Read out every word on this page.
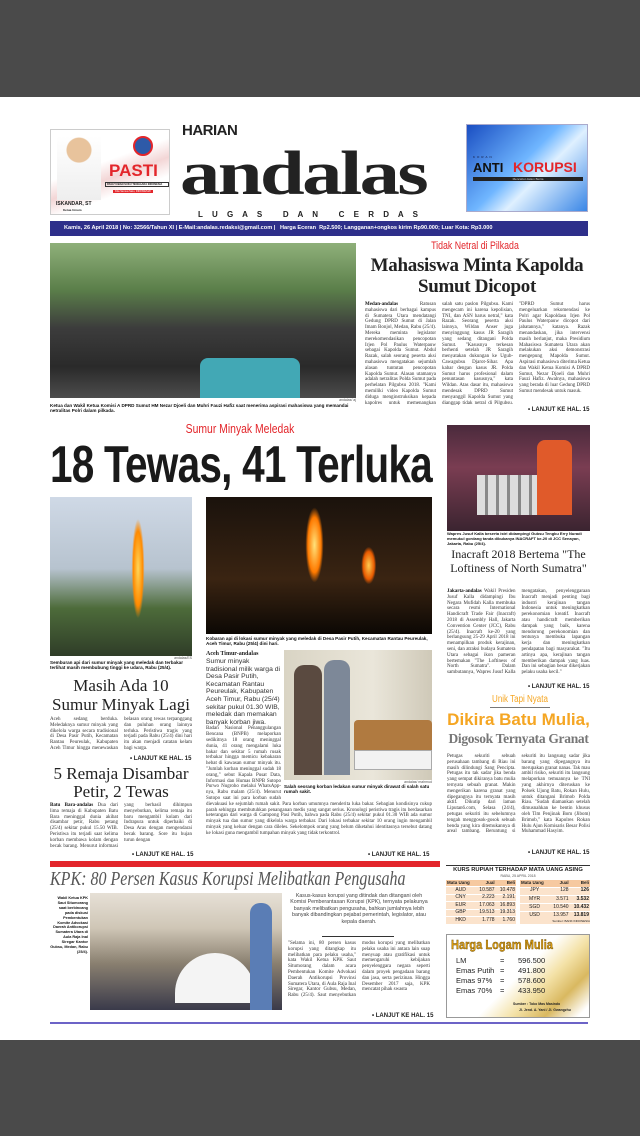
PASTI
PAGUYUBAN SUKU TENGGARA INDONESIA
Kita Semua Satu, INDONESIA!
ISKANDAR, ST
Ketua Umum
HARIAN
andalas
L U G A S   D A N   C E R D A S
KORAN
ANTI KORUPSI
Mencabut dalam Berita
Kamis, 26 April 2018 | No: 32566/Tahun XI | E-Mail:andalas.redaksi@gmail.com |   Harga Eceran  Rp2.500; Langganan+ongkos kirim Rp90.000; Luar Kota: Rp3.000
andalas/ aj
Ketua dan Wakil Ketua Komisi A DPRD Sumut HM Nezar Djoeli dan Muhri Fauzi Hafiz saat menerima aspirasi mahasiswa yang memandai netralitas Polri dalam pilkada.
Tidak Netral di Pilkada
Mahasiswa Minta Kapolda Sumut Dicopot
Medan-andalas	Ratusan mahasiswa dari berbagai kampus di Sumatera Utara mendatangi Gedung DPRD Sumut di Jalan Imam Bonjol, Medan, Rabu (25/4). Mereka meminta legislator merekomendasikan pencopotan Irjen Pol Paulus Waterpauw sebagai Kapolda Sumut. Abdul Razak, salah seorang peserta aksi mahasiswa mengatakan sejumlah alasan tuntutan pencopotan Kapolda Sumut. Alasan utamanya adalah netralitas Polda Sumut pada perhelatan Pilgubsu 2018. "Kami memiliki video Kapolda Sumut diduga menginstruksikan kepada kapolres untuk memenangkan salah satu paslon Pilgubsu. Kami mengecam ini karena kepolisian, TNI, dan ASN harus netral," kata Razak. Seorang peserta aksi lainnya, Wildan Anser juga menyinggung kasus JR Saragih yang sedang ditangani Polda Sumut. "Kasusnya terkesan berhenti setelah JR Saragih menyatakan dukungan ke Ugub-Cawagubsu Djarot-Sihar. Apa kabar dengan kasus JR. Polda Sumut harus profesional dalam penuntasan kasusnya," kata Wildan. Atas dasar itu, mahasiswa mendesak DPRD Sumut menyanggil Kapolda Sumut yang dianggap tidak netral di Pilgubsu. "DPRD Sumut harus mengeluarkan rekomendasi ke Polri agar Kapoldasu Irjen Pol Paulus Waterpauw dicopot dari jabatannya," katanya. Razak menandaskan, jika intervensi masih berlanjut, maka Presidium Mahasiswa Sumatera Utara akan melakukan aksi demonstrasi mengepung Mapolda Sumut. Aspirasi mahasiswa diterima Ketua dan Wakil Ketua Komisi A DPRD Sumut, Nezar Djoeli dan Muhri Fauzi Hafiz. Awalnya, mahasiswa yang berada di luar Gedung DPRD Sumut mendesak untuk masuk.
• LANJUT KE HAL. 15
Sumur Minyak Meledak
18 Tewas, 41 Terluka
andalas/ES
Semburan api dari sumur minyak yang meledak dan terbakar terlihat masih membubung tinggi ke udara, Rabu (25/4).
Kobaran api di lokasi sumur minyak yang meledak di Desa Pasir Putih, Kecamatan Rantau Peureulak, Aceh Timur, Rabu (25/4) dini hari.
andalas/ mahmud
Salah seorang korban ledakan sumur minyak dirawat di salah satu rumah sakit.
Aceh Timur-andalas
Sumur minyak tradisional milik warga di Desa Pasir Putih, Kecamatan Rantau Peureulak, Kabupaten Aceh Timur, Rabu (25/4) sekitar pukul 01.30 WIB, meledak dan memakan banyak korban jiwa.
Badan Nasional Penanggulangan Bencana (BNPB) melaporkan sedikitnya 18 orang meninggal dunia, 41 orang mengalami luka bakar dan sekitar 5 rumah rusak terbakar hingga memicu kebakaran hebat di kawasan sumur minyak itu. "Jumlah korban meninggal sudah 18 orang," sebut Kapala Pusat Data, Informasi dan Humas BNPB Sutopo Purwo Nugroho melalui WhatsApp-nya, Rabu malam (25/4). Menurut Sutopo saat ini para korban sudah dievakuasi ke sejumlah rumah sakit. Para korban umumnya menderita luka bakar. Sebagian kondisinya cukup parah sehingga membutuhkan penanganan medis yang sangat serius. Kronologi peristiwa tragis itu berdasarkan keterangan dari warga di Gampong Pasi Putih, bahwa pada Rabu (25/4) sekitar pukul 01.30 WIB ada sumur minyak tua dan sumur yang dikelola warga terbakar. Dari lokasi terbakar sekitar 10 orang ingin mengambil minyak yang keluar dengan cara dileles. Sekelompok orang yang belum diketahui identitasnya tersebut datang ke lokasi guna mengambil tumpahan minyak yang tidak terkontrol.
• LANJUT KE HAL. 15
Masih Ada 10 Sumur Minyak Lagi
Aceh sedang berduka. Meledaknya sumur minyak yang dikelola warga secara tradisional di Desa Pasir Putih, Kecamatan Rantau Peureulak, Kabupaten Aceh Timur hingga menewaskan belasan orang tewas terpanggang dan puluhan orang lainnya terluka. Peristiwa tragis yang terjadi pada Rabu (25/4) dini hari itu akan menjadi catatan kelam bagi warga.
• LANJUT KE HAL. 15
5 Remaja Disambar Petir, 2 Tewas
Batu Bara-andalas Dua dari lima remaja di Kabupaten Batu Bara meninggal dunia akibat disambar petir, Rabu petang (25/4) sekitar pukul 15.50 WIB. Peristiwa itu terjadi saat kelima korban membawa kolam dengan becak barang. Menurut informasi yang berhasil dihimpun menyebutkan, kelima remaja itu baru mengambil kolam dari Indrapura untuk diperbaiki di Desa Aras dengan mengendarai becak barang. Sore itu hujan turun dengan
• LANJUT KE HAL. 15
Wapres Jusuf Kalla beserta istri didampingi Gubsu Tengku Erry Nuradi memukul gordang tanda dibukanya INACRAFT ke-20 di JCC Senayan, Jakarta, Rabu (25/4).
Inacraft 2018 Bertema "The Loftiness of North Sumatra"
Jakarta-andalas Wakil Presiden Jusuf Kalla didampingi Ibu Negara Mufidah Kalla membuka secara resmi International Handicraft Trade Fair (Inacraft) 2018 di Assembly Hall, Jakarta Convention Center (JCC), Rabu (25/4). Inacraft ke-20 yang berlangsung 25-29 April 2018 ini menampilkan produk kerajinan, seni, dan atraksi budaya Sumatera Utara sebagai ikon pameran bertemakan "The Loftiness of North Sumatra". Dalam sambutannya, Wapres Jusuf Kalla mengatakan, penyelenggaraan Inacraft menjadi penting bagi industri kerajinan tangan Indonesia untuk meningkatkan perekonomian kreatif. Inacraft atau handicraft memberikan dampak yang baik, karena mendorong perekonomian dan tentunya membuka lapangan kerja dan meningkatkan pendapatan bagi masyarakat. "Itu artinya apa, kerajinan tangan memberikan dampak yang luas. Dan ini sebagian besar dikerjakan pelaku usaha kecil."
• LANJUT KE HAL. 15
Unik Tapi Nyata
Dikira Batu Mulia,
Digosok Ternyata Granat
Petugas sekuriti sebuah perusahaan tambang di Riau ini masih dilindungi Sang Pencipta. Petugas itu tak sadar jika benda yang sempat dikiranya batu mulia ternyata sebuah granat. Makin mengerikan karena granat yang dipegangnya itu ternyata masih aktif. Dikutip dari laman Liputan6.com, Selasa (24/4), petugas sekuriti itu sebelumnya tengah menggosok-gosok sebuah benda yang kira ditemukannya di areal tambang. Beruntung si sekuriti itu langsung sadar jika barang yang dipegangnya itu merupakan granat nanas. Tak mau ambil risiko, sekuriti itu langsung melaporkan temuannya ke TNI yang akhirnya diteruskan ke Polsek Ujung Batu, Rokan Hulu, untuk ditangani Brimob Polda Riau. "Sudah diamankan setelah dimusnahkan ke bentin khusus oleh Tim Penjinak Bom (Jibom) Brimob," kata Kapolres Rokan Hulu Ajun Komisaris Besar Polisi Muhammad Hasyim.
• LANJUT KE HAL. 15
KPK: 80 Persen Kasus Korupsi Melibatkan Pengusaha
Wakil Ketua KPK Saut Situmorang saat berbincang pada diskusi Pembentukan Komite Advokasi Daerah Antikorupsi Sumatera Utara di Aula Raja Inal Siregar Kantor Gubsu, Medan, Rabu (25/4).
Kasus-kasus korupsi yang ditindak dan ditangani oleh Komisi Pemberantasan Korupsi (KPK), ternyata pelakunya banyak melibatkan pengusaha, bahkan jumlahnya lebih banyak dibandingkan pejabat pemerintah, legislator, atau kepala daerah.
"Selama ini, 80 persen kasus korupsi yang ditangkap itu melibatkan para pelaku usaha," kata Wakil Ketua KPK Saut Situmorang dalam acara Pembentukan Komite Advokasi Daerah Antikorupsi Provinsi Sumatera Utara, di Aula Raja Inal Siregar, Kantor Gubsu, Medan, Rabu (25/4). Saut menyebutkan modus korupsi yang melibatkan pelaku usaha ini antara lain suap menyuap atau gratifikasi untuk memengaruhi kebijakan penyelenggara negara seperti dalam proyek pengadaan barang dan jasa, serta perizinan. Hingga Desember 2017 saja, KPK mencatat pihak swasta
• LANJUT KE HAL. 15
KURS RUPIAH TERHADAP MATA UANG ASING
RABU, 25 APRIL 2018
Mata Uang	Jual	Beli
AUD	10.587	10.478
CNY	2.223	2.191
EUR	17.063	16.893
GBP	19.513	19.313
HKD	1.778	1.760
Mata Uang	Jual	Beli
JPY	128	126
MYR	3.571	3.532
SGD	10.540	10.432
USD	13.957	13.819
Sumber: BANK INDONESIA		
Harga Logam Mulia
LM	=	596.500
Emas Putih =	491.800
Emas 97%	=	578.600
Emas 70%	=	433.950
Sumber : Toko Mas Masindo
Jl. Jend. A. Yani / Jl. Gwangzhu
